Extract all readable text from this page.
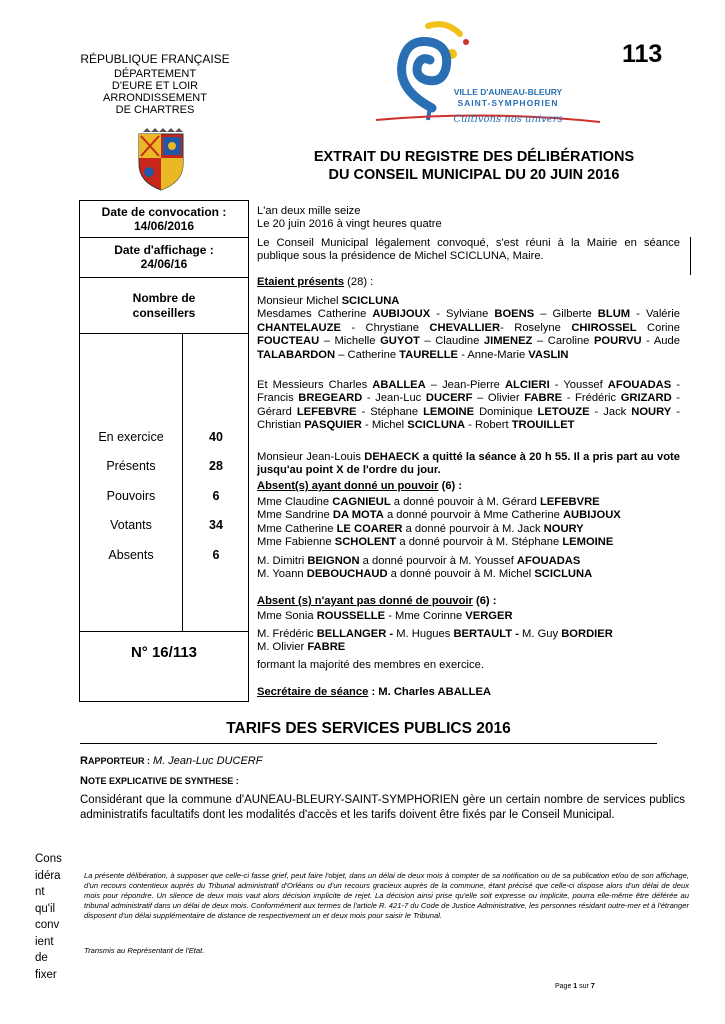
RÉPUBLIQUE FRANÇAISE
DÉPARTEMENT
D'EURE ET LOIR
ARRONDISSEMENT
DE CHARTRES
VILLE D'AUNEAU-BLEURY
SAINT-SYMPHORIEN
Cultivons nos univers
113
EXTRAIT DU REGISTRE DES DÉLIBÉRATIONS
DU CONSEIL MUNICIPAL DU 20 JUIN 2016
Date de convocation :
14/06/2016
Date d'affichage :
24/06/16
Nombre de
conseillers
En exercice	40
Présents	28
Pouvoirs	6
Votants	34
Absents	6
N° 16/113
L'an deux mille seize
Le 20 juin 2016 à vingt heures quatre
Le Conseil Municipal légalement convoqué, s'est réuni à la Mairie en séance publique sous la présidence de Michel SCICLUNA, Maire.
Etaient présents (28) :
Monsieur Michel SCICLUNA
Mesdames Catherine AUBIJOUX - Sylviane BOENS – Gilberte BLUM - Valérie CHANTELAUZE - Chrystiane CHEVALLIER- Roselyne CHIROSSEL Corine FOUCTEAU – Michelle GUYOT – Claudine JIMENEZ – Caroline POURVU - Aude TALABARDON – Catherine TAURELLE - Anne-Marie VASLIN
Et Messieurs Charles ABALLEA – Jean-Pierre ALCIERI - Youssef AFOUADAS - Francis BREGEARD - Jean-Luc DUCERF – Olivier FABRE - Frédéric GRIZARD - Gérard LEFEBVRE - Stéphane LEMOINE Dominique LETOUZE - Jack NOURY - Christian PASQUIER - Michel SCICLUNA - Robert TROUILLET
Monsieur Jean-Louis DEHAECK a quitté la séance à 20 h 55. Il a pris part au vote jusqu'au point X de l'ordre du jour.
Absent(s) ayant donné un pouvoir (6) :
Mme Claudine CAGNIEUL a donné pouvoir à M. Gérard LEFEBVRE
Mme Sandrine DA MOTA a donné pourvoir à Mme Catherine AUBIJOUX
Mme Catherine LE COARER a donné pourvoir à M. Jack NOURY
Mme Fabienne SCHOLENT a donné pourvoir à M. Stéphane LEMOINE
M. Dimitri BEIGNON a donné pourvoir à M. Youssef AFOUADAS
M. Yoann DEBOUCHAUD a donné pouvoir à M. Michel SCICLUNA
Absent (s) n'ayant pas donné de pouvoir (6) :
Mme Sonia ROUSSELLE - Mme Corinne VERGER
M. Frédéric BELLANGER - M. Hugues BERTAULT - M. Guy BORDIER
M. Olivier FABRE
formant la majorité des membres en exercice.
Secrétaire de séance : M. Charles ABALLEA
TARIFS DES SERVICES PUBLICS 2016
RAPPORTEUR : M. Jean-Luc DUCERF
NOTE EXPLICATIVE DE SYNTHESE :
Considérant que la commune d'AUNEAU-BLEURY-SAINT-SYMPHORIEN gère un certain nombre de services publics administratifs facultatifs dont les modalités d'accès et les tarifs doivent être fixés par le Conseil Municipal.
Cons
idéra
nt
qu'il
conv
ient
de
fixer
La présente délibération, à supposer que celle-ci fasse grief, peut faire l'objet, dans un délai de deux mois à compter de sa notification ou de sa publication et/ou de son affichage, d'un recours contentieux auprès du Tribunal administratif d'Orléans ou d'un recours gracieux auprès de la commune, étant précisé que celle-ci dispose alors d'un délai de deux mois pour répondre. Un silence de deux mois vaut alors décision implicite de rejet. La décision ainsi prise qu'elle soit expresse ou implicite, pourra elle-même être déférée au tribunal administratif dans un délai de deux mois. Conformément aux termes de l'article R. 421-7 du Code de Justice Administrative, les personnes résidant outre-mer et à l'étranger disposent d'un délai supplémentaire de distance de respectivement un et deux mois pour saisir le Tribunal.
Transmis au Représentant de l'Etat.
Page 1 sur 7
